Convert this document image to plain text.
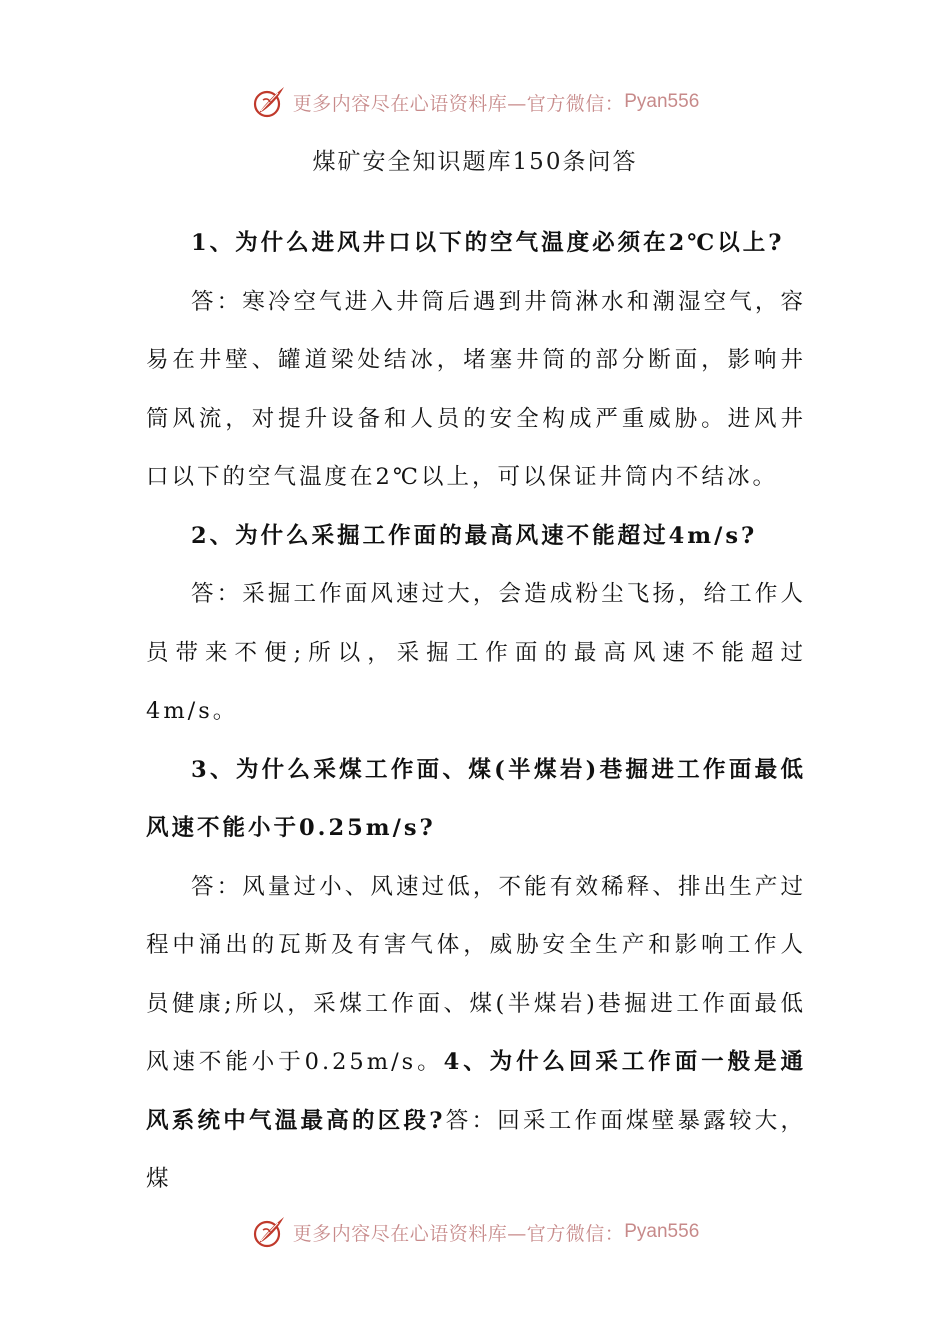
更多内容尽在心语资料库—官方微信： Pyan556
煤矿安全知识题库150条问答

1、为什么进风井口以下的空气温度必须在2℃以上?

答：寒冷空气进入井筒后遇到井筒淋水和潮湿空气，容易在井壁、罐道梁处结冰，堵塞井筒的部分断面，影响井筒风流，对提升设备和人员的安全构成严重威胁。进风井口以下的空气温度在2℃以上，可以保证井筒内不结冰。

2、为什么采掘工作面的最高风速不能超过4m/s?

答：采掘工作面风速过大，会造成粉尘飞扬，给工作人员带来不便;所以，采掘工作面的最高风速不能超过4m/s。

3、为什么采煤工作面、煤(半煤岩)巷掘进工作面最低风速不能小于0.25m/s?

答：风量过小、风速过低，不能有效稀释、排出生产过程中涌出的瓦斯及有害气体，威胁安全生产和影响工作人员健康;所以，采煤工作面、煤(半煤岩)巷掘进工作面最低风速不能小于0.25m/s。4、为什么回采工作面一般是通风系统中气温最高的区段?答：回采工作面煤壁暴露较大，煤

更多内容尽在心语资料库—官方微信： Pyan556
